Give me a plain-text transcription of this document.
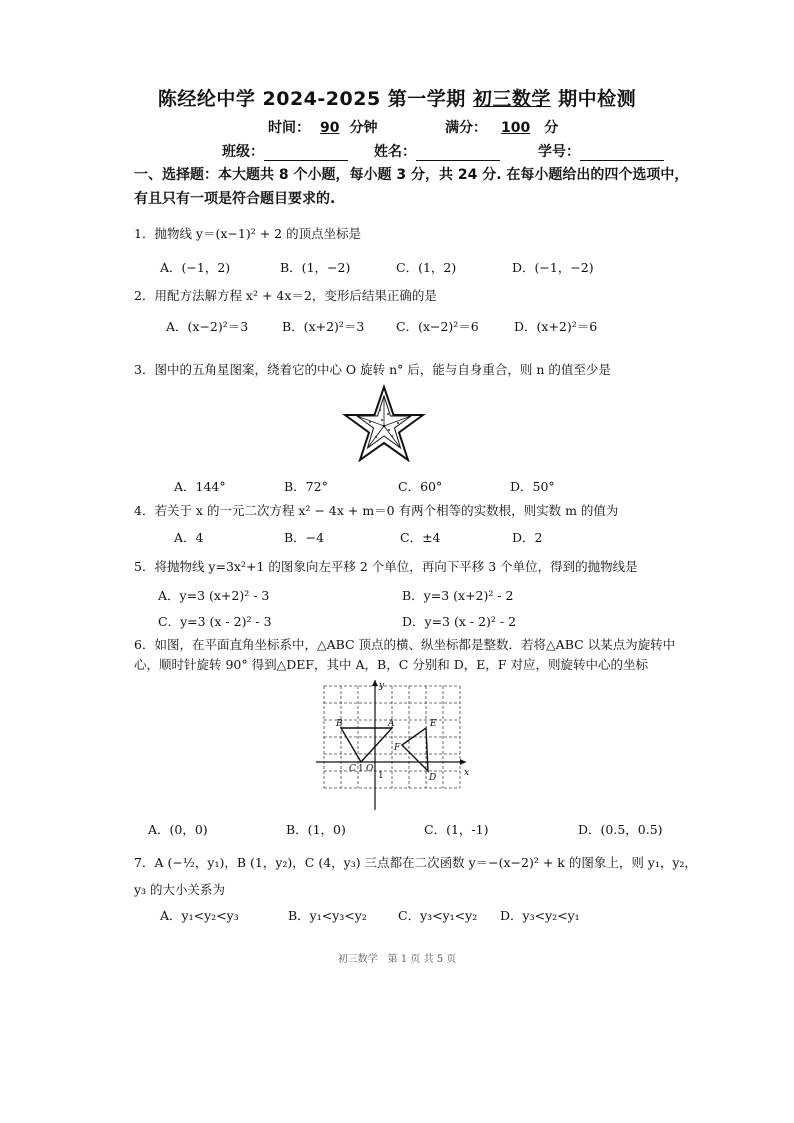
陈经纶中学 2024-2025 第一学期 初三数学 期中检测
时间： 90 分钟	满分： 100 分
班级：	姓名：	学号：
一、选择题：本大题共 8 个小题，每小题 3 分，共 24 分. 在每小题给出的四个选项中，
有且只有一项是符合题目要求的.
1．抛物线 y＝(x−1)² + 2 的顶点坐标是
A．(−1，2)	B．(1，−2)	C．(1，2)	D．(−1，−2)
2．用配方法解方程 x² + 4x＝2，变形后结果正确的是
A．(x−2)²＝3	B．(x+2)²＝3	C．(x−2)²＝6	D．(x+2)²＝6
3．图中的五角星图案，绕着它的中心 O 旋转 n° 后，能与自身重合，则 n 的值至少是
A．144°	B．72°	C．60°	D．50°
4．若关于 x 的一元二次方程 x² − 4x + m＝0 有两个相等的实数根，则实数 m 的值为
A．4	B．−4	C．±4	D．2
5．将抛物线 y=3x²+1 的图象向左平移 2 个单位，再向下平移 3 个单位，得到的抛物线是
A．y=3 (x+2)² - 3	B．y=3 (x+2)² - 2
C．y=3 (x - 2)² - 3	D．y=3 (x - 2)² - 2
6．如图，在平面直角坐标系中，△ABC 顶点的横、纵坐标都是整数．若将△ABC 以某点为旋转中
心，顺时针旋转 90° 得到△DEF，其中 A，B，C 分别和 D，E，F 对应，则旋转中心的坐标
y
x
B	A
C
E
F
D
O
1
1
A．(0，0)	B．(1，0)	C．(1，-1)	D．(0.5，0.5)
7．A (−½，y₁)，B (1，y₂)，C (4，y₃) 三点都在二次函数 y＝−(x−2)² + k 的图象上，则 y₁，y₂，
y₃ 的大小关系为
A．y₁<y₂<y₃	B．y₁<y₃<y₂ C．y₃<y₁<y₂ D．y₃<y₂<y₁
初三数学　第 1 页 共 5 页
